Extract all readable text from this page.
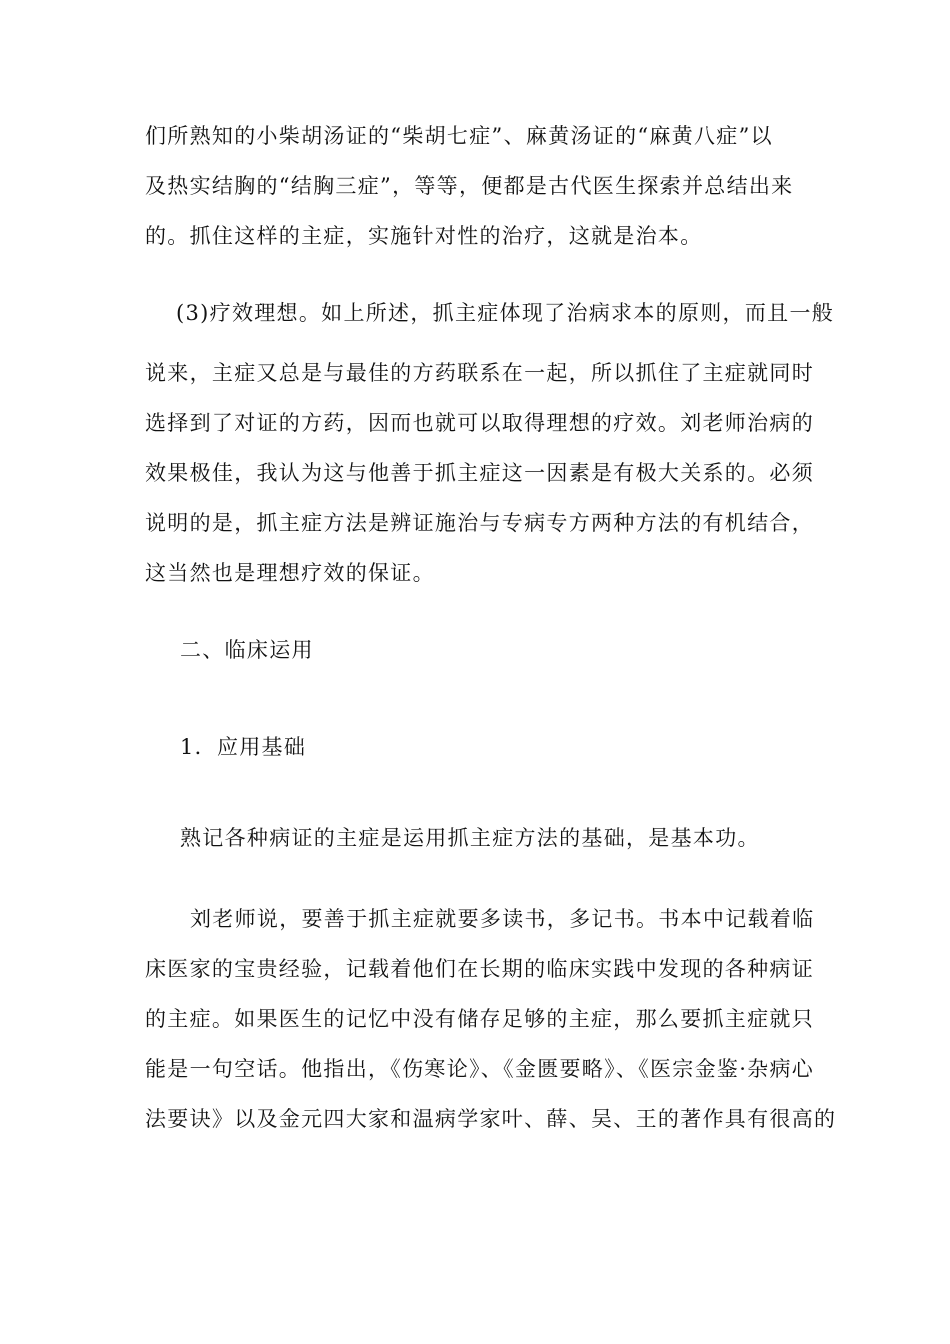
们所熟知的小柴胡汤证的“柴胡七症”、麻黄汤证的“麻黄八症”以
及热实结胸的“结胸三症”，等等，便都是古代医生探索并总结出来
的。抓住这样的主症，实施针对性的治疗，这就是治本。
(3)疗效理想。如上所述，抓主症体现了治病求本的原则，而且一般
说来，主症又总是与最佳的方药联系在一起，所以抓住了主症就同时
选择到了对证的方药，因而也就可以取得理想的疗效。刘老师治病的
效果极佳，我认为这与他善于抓主症这一因素是有极大关系的。必须
说明的是，抓主症方法是辨证施治与专病专方两种方法的有机结合，
这当然也是理想疗效的保证。
二、临床运用
1．应用基础
熟记各种病证的主症是运用抓主症方法的基础，是基本功。
刘老师说，要善于抓主症就要多读书，多记书。书本中记载着临
床医家的宝贵经验，记载着他们在长期的临床实践中发现的各种病证
的主症。如果医生的记忆中没有储存足够的主症，那么要抓主症就只
能是一句空话。他指出，《伤寒论》、《金匮要略》、《医宗金鉴·杂病心
法要诀》以及金元四大家和温病学家叶、薛、吴、王的著作具有很高的
